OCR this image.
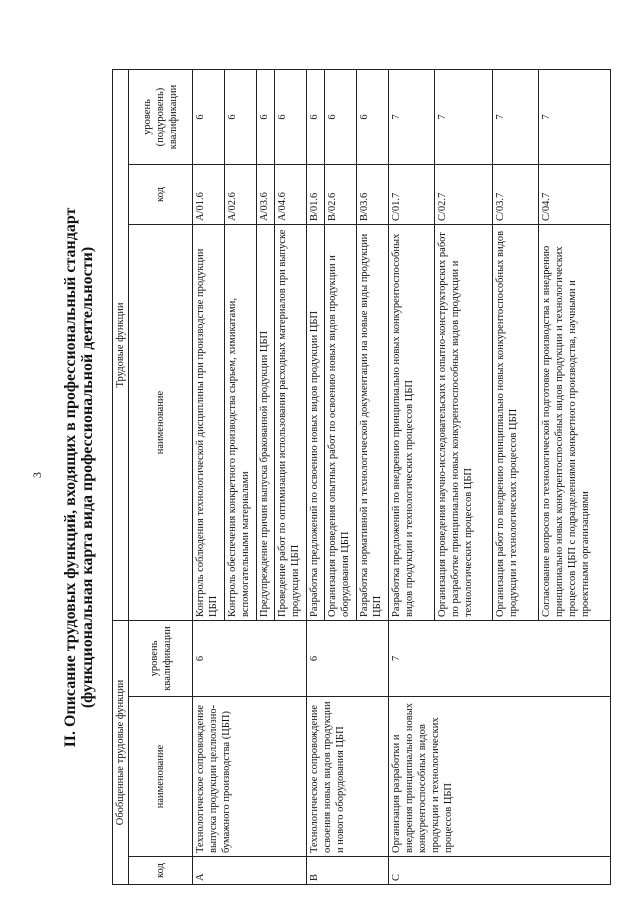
3 II. Описание трудовых функций, входящих в профессиональный стандарт (функциональная карта вида профессиональной деятельности)
Обобщенные трудовые функции			Трудовые функции		
код	наименование	уровень квалификации	наименование	код	уровень (подуровень) квалификации
A	Технологическое сопровождение выпуска продукции целлюлозно-бумажного производства (ЦБП)	6	Контроль соблюдения технологической дисциплины при производстве продукции ЦБП	A/01.6	6
			Контроль обеспечения конкретного производства сырьем, химикатами, вспомогательными материалами	A/02.6	6
			Предупреждение причин выпуска бракованной продукции ЦБП	A/03.6	6
			Проведение работ по оптимизации использования расходных материалов при выпуске продукции ЦБП	A/04.6	6
B	Технологическое сопровождение освоения новых видов продукции и нового оборудования ЦБП	6	Разработка предложений по освоению новых видов продукции ЦБП	B/01.6	6
			Организация проведения опытных работ по освоению новых видов продукции и оборудования ЦБП	B/02.6	6
			Разработка нормативной и технологической документации на новые виды продукции ЦБП	B/03.6	6
C	Организация разработки и внедрения принципиально новых конкурентоспособных видов продукции и технологических процессов ЦБП	7	Разработка предложений по внедрению принципиально новых конкурентоспособных видов продукции и технологических процессов ЦБП	C/01.7	7
			Организация проведения научно-исследовательских и опытно-конструкторских работ по разработке принципиально новых конкурентоспособных видов продукции и технологических процессов ЦБП	C/02.7	7
			Организация работ по внедрению принципиально новых конкурентоспособных видов продукции и технологических процессов ЦБП	C/03.7	7
			Согласование вопросов по технологической подготовке производства к внедрению принципиально новых конкурентоспособных видов продукции и технологических процессов ЦБП с подразделениями конкретного производства, научными и проектными организациями	C/04.7	7
